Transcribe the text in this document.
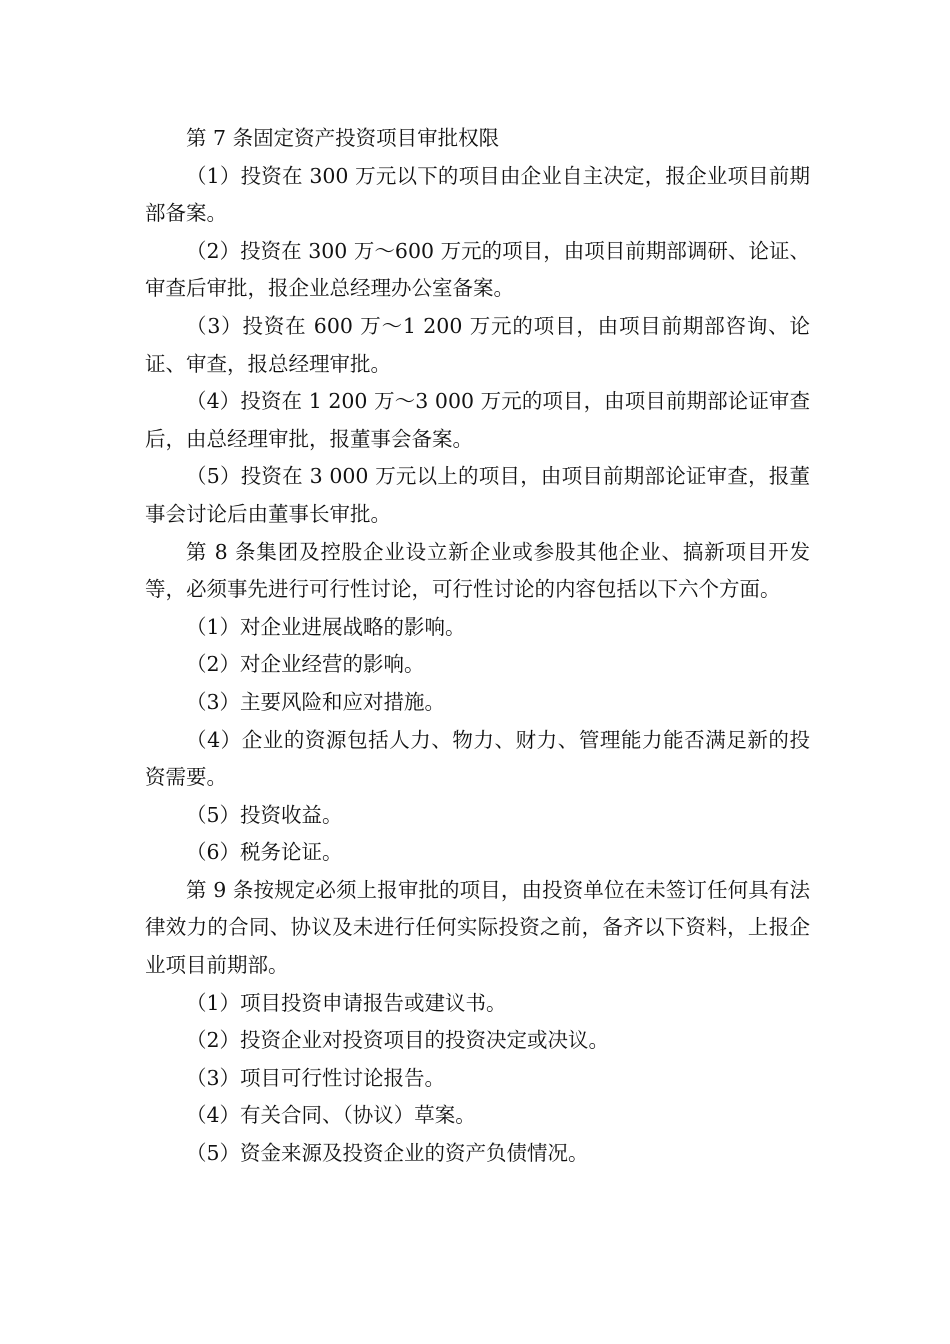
第 7 条固定资产投资项目审批权限

（1）投资在 300 万元以下的项目由企业自主决定，报企业项目前期部备案。

（2）投资在 300 万～600 万元的项目，由项目前期部调研、论证、审查后审批，报企业总经理办公室备案。

（3）投资在 600 万～1 200 万元的项目，由项目前期部咨询、论证、审查，报总经理审批。

（4）投资在 1 200 万～3 000 万元的项目，由项目前期部论证审查后，由总经理审批，报董事会备案。

（5）投资在 3 000 万元以上的项目，由项目前期部论证审查，报董事会讨论后由董事长审批。

第 8 条集团及控股企业设立新企业或参股其他企业、搞新项目开发等，必须事先进行可行性讨论，可行性讨论的内容包括以下六个方面。

（1）对企业进展战略的影响。

（2）对企业经营的影响。

（3）主要风险和应对措施。

（4）企业的资源包括人力、物力、财力、管理能力能否满足新的投资需要。

（5）投资收益。

（6）税务论证。

第 9 条按规定必须上报审批的项目，由投资单位在未签订任何具有法律效力的合同、协议及未进行任何实际投资之前，备齐以下资料，上报企业项目前期部。

（1）项目投资申请报告或建议书。

（2）投资企业对投资项目的投资决定或决议。

（3）项目可行性讨论报告。

（4）有关合同、（协议）草案。

（5）资金来源及投资企业的资产负债情况。
